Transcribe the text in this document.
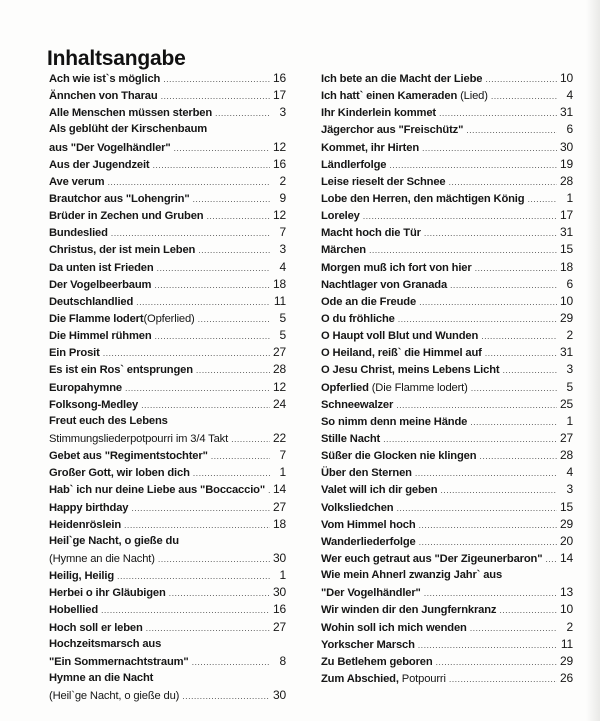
Inhaltsangabe
Ach wie ist`s möglich .....	16
Ännchen von Tharau .....	17
Alle Menschen müssen sterben .....	3
Als geblüht der Kirschenbaum
aus "Der Vogelhändler" .....	12
Aus der Jugendzeit .....	16
Ave verum .....	2
Brautchor aus "Lohengrin" .....	9
Brüder in Zechen und Gruben .....	12
Bundeslied .....	7
Christus, der ist mein Leben .....	3
Da unten ist Frieden .....	4
Der Vogelbeerbaum .....	18
Deutschlandlied .....	11
Die Flamme lodert(Opferlied) .....	5
Die Himmel rühmen .....	5
Ein Prosit .....	27
Es ist ein Ros` entsprungen .....	28
Europahymne .....	12
Folksong-Medley .....	24
Freut euch des Lebens
Stimmungsliederpotpourri im 3/4 Takt .....	22
Gebet aus "Regimentstochter" .....	7
Großer Gott, wir loben dich .....	1
Hab` ich nur deine Liebe aus "Boccaccio" ..... 14
Happy birthday .....	27
Heidenröslein .....	18
Heil`ge Nacht, o gieße du
(Hymne an die Nacht) .....	30
Heilig, Heilig .....	1
Herbei o ihr Gläubigen .....	30
Hobellied .....	16
Hoch soll er leben .....	27
Hochzeitsmarsch aus
"Ein Sommernachtstraum" .....	8
Hymne an die Nacht
(Heil`ge Nacht, o gieße du) .....	30
Ich bete an die Macht der Liebe .....	10
Ich hatt` einen Kameraden (Lied) .....	4
Ihr Kinderlein kommet .....	31
Jägerchor aus "Freischütz" .....	6
Kommet, ihr Hirten .....	30
Ländlerfolge .....	19
Leise rieselt der Schnee .....	28
Lobe den Herren, den mächtigen König .....	1
Loreley .....	17
Macht hoch die Tür .....	31
Märchen .....	15
Morgen muß ich fort von hier .....	18
Nachtlager von Granada .....	6
Ode an die Freude .....	10
O du fröhliche .....	29
O Haupt voll Blut und Wunden .....	2
O Heiland, reiß` die Himmel auf .....	31
O Jesu Christ, meins Lebens Licht .....	3
Opferlied (Die Flamme lodert) .....	5
Schneewalzer .....	25
So nimm denn meine Hände .....	1
Stille Nacht .....	27
Süßer die Glocken nie klingen .....	28
Über den Sternen .....	4
Valet will ich dir geben .....	3
Volksliedchen .....	15
Vom Himmel hoch .....	29
Wanderliederfolge .....	20
Wer euch getraut aus "Der Zigeunerbaron" ..... 14
Wie mein Ahnerl zwanzig Jahr` aus
"Der Vogelhändler" .....	13
Wir winden dir den Jungfernkranz .....	10
Wohin soll ich mich wenden .....	2
Yorkscher Marsch .....	11
Zu Betlehem geboren .....	29
Zum Abschied, Potpourri .....	26
